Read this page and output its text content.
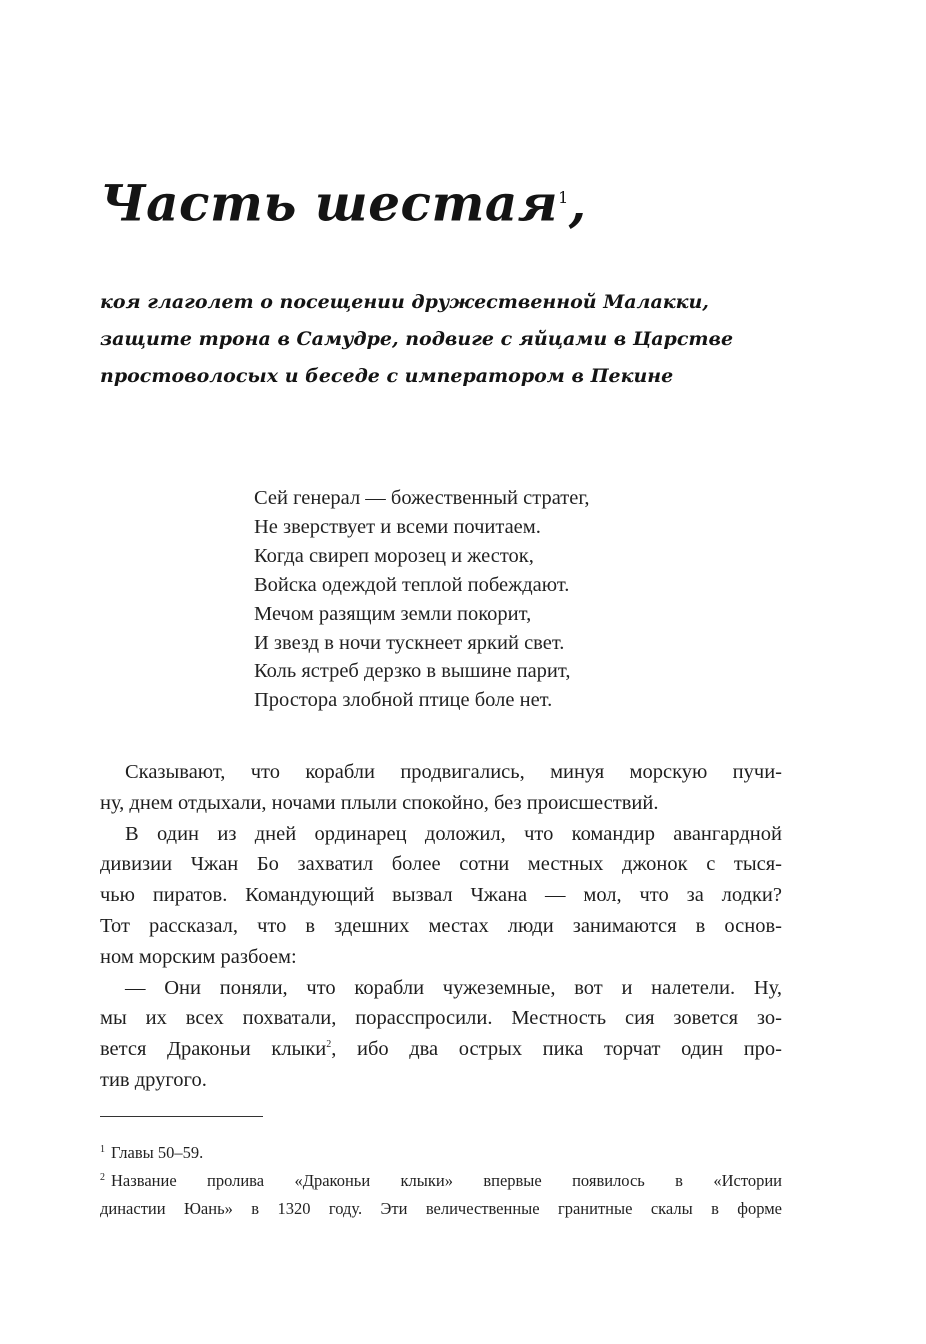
Часть шестая$^1$,
коя глаголет о посещении дружественной Малакки,
защите трона в Самудре, подвиге с яйцами в Царстве
простоволосых и беседе с императором в Пекине
Сей генерал — божественный стратег,
Не зверствует и всеми почитаем.
Когда свиреп морозец и жесток,
Войска одеждой теплой побеждают.
Мечом разящим земли покорит,
И звезд в ночи тускнеет яркий свет.
Коль ястреб дерзко в вышине парит,
Простора злобной птице боле нет.
Сказывают, что корабли продвигались, минуя морскую пучи-
ну, днем отдыхали, ночами плыли спокойно, без происшествий.
В один из дней ординарец доложил, что командир авангардной
дивизии Чжан Бо захватил более сотни местных джонок с тыся-
чью пиратов. Командующий вызвал Чжана — мол, что за лодки?
Тот рассказал, что в здешних местах люди занимаются в основ-
ном морским разбоем:
— Они поняли, что корабли чужеземные, вот и налетели. Ну,
мы их всех похватали, порасспросили. Местность сия зовется зо-
вется Драконьи клыки$^2$, ибо два острых пика торчат один про-
тив другого.
$^1$ Главы 50–59.
$^2$ Название пролива «Драконьи клыки» впервые появилось в «Истории
династии Юань» в 1320 году. Эти величественные гранитные скалы в форме
